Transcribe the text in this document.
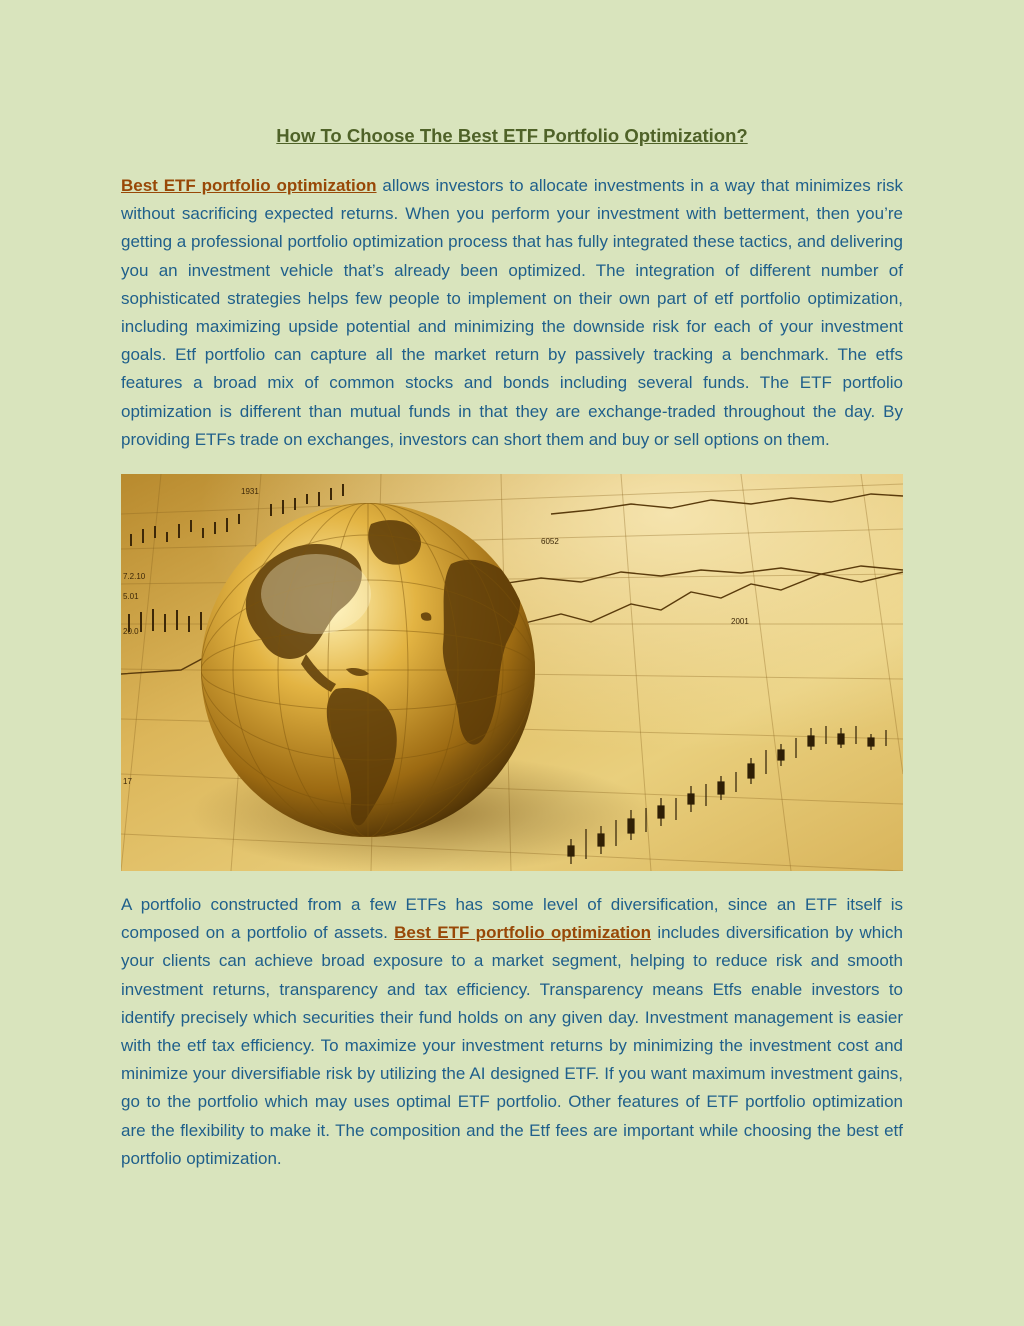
How To Choose The Best ETF Portfolio Optimization?

Best ETF portfolio optimization allows investors to allocate investments in a way that minimizes risk without sacrificing expected returns. When you perform your investment with betterment, then you’re getting a professional portfolio optimization process that has fully integrated these tactics, and delivering you an investment vehicle that’s already been optimized. The integration of different number of sophisticated strategies helps few people to implement on their own part of etf portfolio optimization, including maximizing upside potential and minimizing the downside risk for each of your investment goals. Etf portfolio can capture all the market return by passively tracking a benchmark. The etfs features a broad mix of common stocks and bonds including several funds. The ETF portfolio optimization is different than mutual funds in that they are exchange-traded throughout the day. By providing ETFs trade on exchanges, investors can short them and buy or sell options on them.

17
7.2.10
5.01
2001
6052
1931
20.0

A portfolio constructed from a few ETFs has some level of diversification, since an ETF itself is composed on a portfolio of assets. Best ETF portfolio optimization includes diversification by which your clients can achieve broad exposure to a market segment, helping to reduce risk and smooth investment returns, transparency and tax efficiency. Transparency means Etfs enable investors to identify precisely which securities their fund holds on any given day. Investment management is easier with the etf tax efficiency. To maximize your investment returns by minimizing the investment cost and minimize your diversifiable risk by utilizing the AI designed ETF. If you want maximum investment gains, go to the portfolio which may uses optimal ETF portfolio. Other features of ETF portfolio optimization are the flexibility to make it. The composition and the Etf fees are important while choosing the best etf portfolio optimization.
